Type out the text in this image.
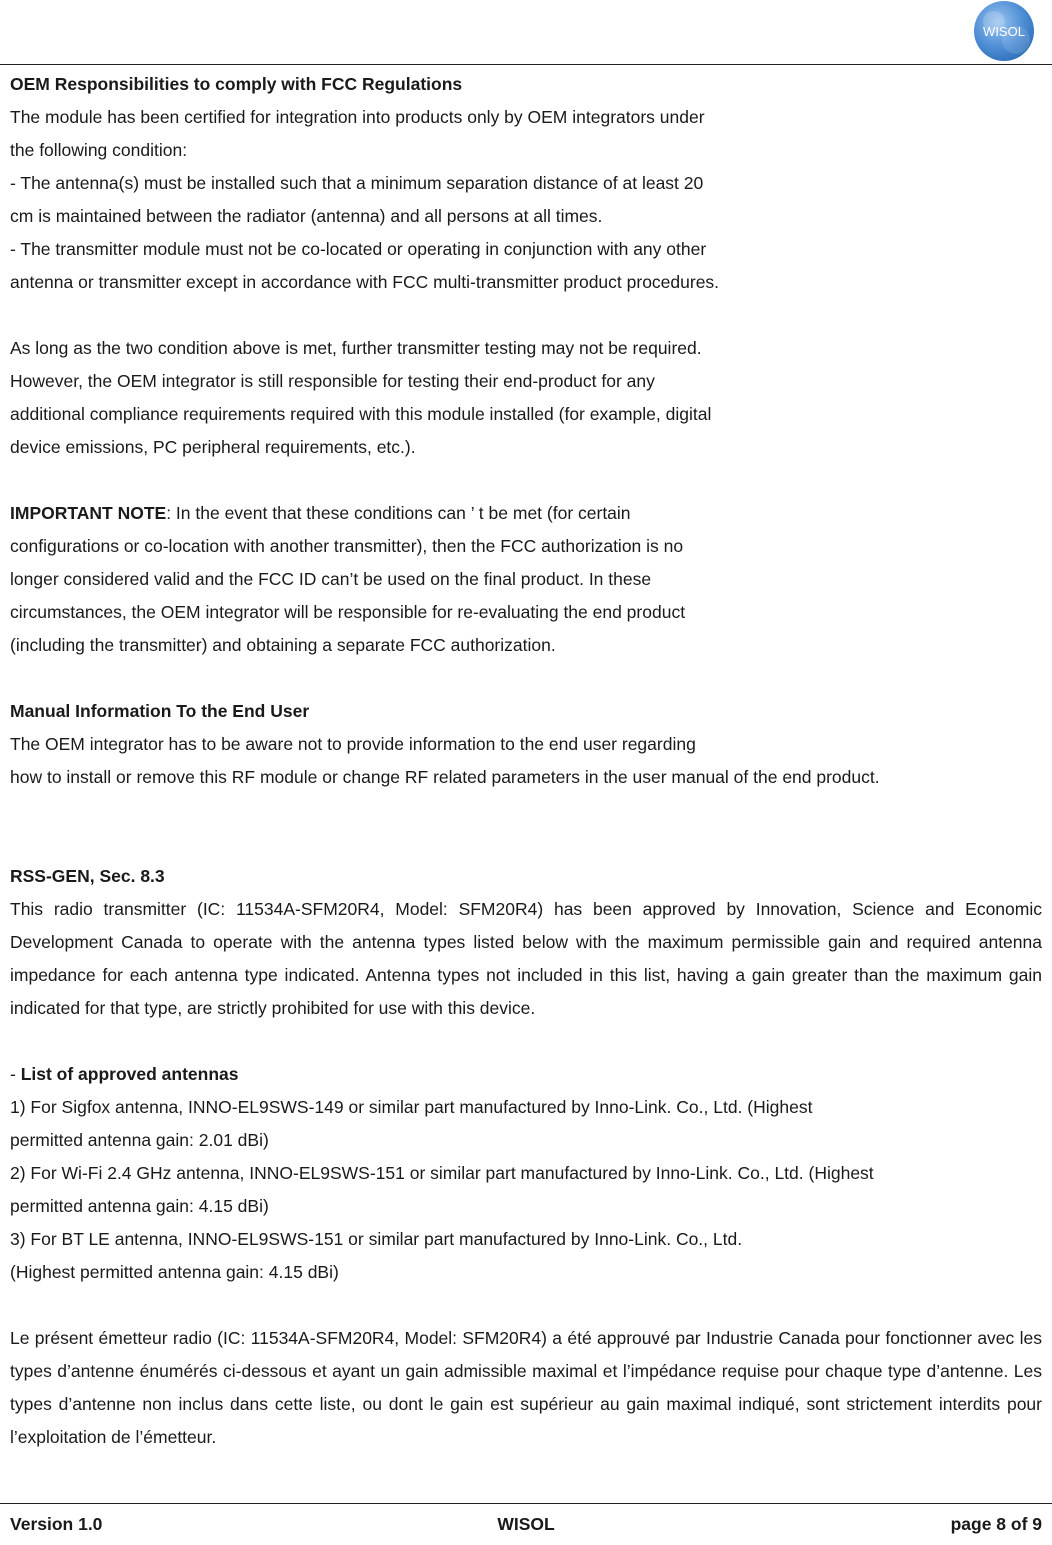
WISOL

OEM Responsibilities to comply with FCC Regulations

The module has been certified for integration into products only by OEM integrators under

the following condition:

- The antenna(s) must be installed such that a minimum separation distance of at least 20

cm is maintained between the radiator (antenna) and all persons at all times.

- The transmitter module must not be co-located or operating in conjunction with any other

antenna or transmitter except in accordance with FCC multi-transmitter product procedures.

As long as the two condition above is met, further transmitter testing may not be required.

However, the OEM integrator is still responsible for testing their end-product for any

additional compliance requirements required with this module installed (for example, digital

device emissions, PC peripheral requirements, etc.).

IMPORTANT NOTE: In the event that these conditions can ’ t be met (for certain

configurations or co-location with another transmitter), then the FCC authorization is no

longer considered valid and the FCC ID can’t be used on the final product. In these

circumstances, the OEM integrator will be responsible for re-evaluating the end product

(including the transmitter) and obtaining a separate FCC authorization.

Manual Information To the End User

The OEM integrator has to be aware not to provide information to the end user regarding

how to install or remove this RF module or change RF related parameters in the user manual of the end product.

RSS-GEN, Sec. 8.3

This radio transmitter (IC: 11534A-SFM20R4, Model: SFM20R4) has been approved by Innovation, Science and Economic Development Canada to operate with the antenna types listed below with the maximum permissible gain and required antenna impedance for each antenna type indicated. Antenna types not included in this list, having a gain greater than the maximum gain indicated for that type, are strictly prohibited for use with this device.

- List of approved antennas

1) For Sigfox antenna, INNO-EL9SWS-149 or similar part manufactured by Inno-Link. Co., Ltd. (Highest

permitted antenna gain: 2.01 dBi)

2) For Wi-Fi 2.4 GHz antenna, INNO-EL9SWS-151 or similar part manufactured by Inno-Link. Co., Ltd. (Highest

permitted antenna gain: 4.15 dBi)

3) For BT LE antenna, INNO-EL9SWS-151 or similar part manufactured by Inno-Link. Co., Ltd.

(Highest permitted antenna gain: 4.15 dBi)

Le présent émetteur radio (IC: 11534A-SFM20R4, Model: SFM20R4) a été approuvé par Industrie Canada pour fonctionner avec les types d’antenne énumérés ci-dessous et ayant un gain admissible maximal et l’impédance requise pour chaque type d’antenne. Les types d’antenne non inclus dans cette liste, ou dont le gain est supérieur au gain maximal indiqué, sont strictement interdits pour l’exploitation de l’émetteur.

Version 1.0	WISOL	page 8 of 9
